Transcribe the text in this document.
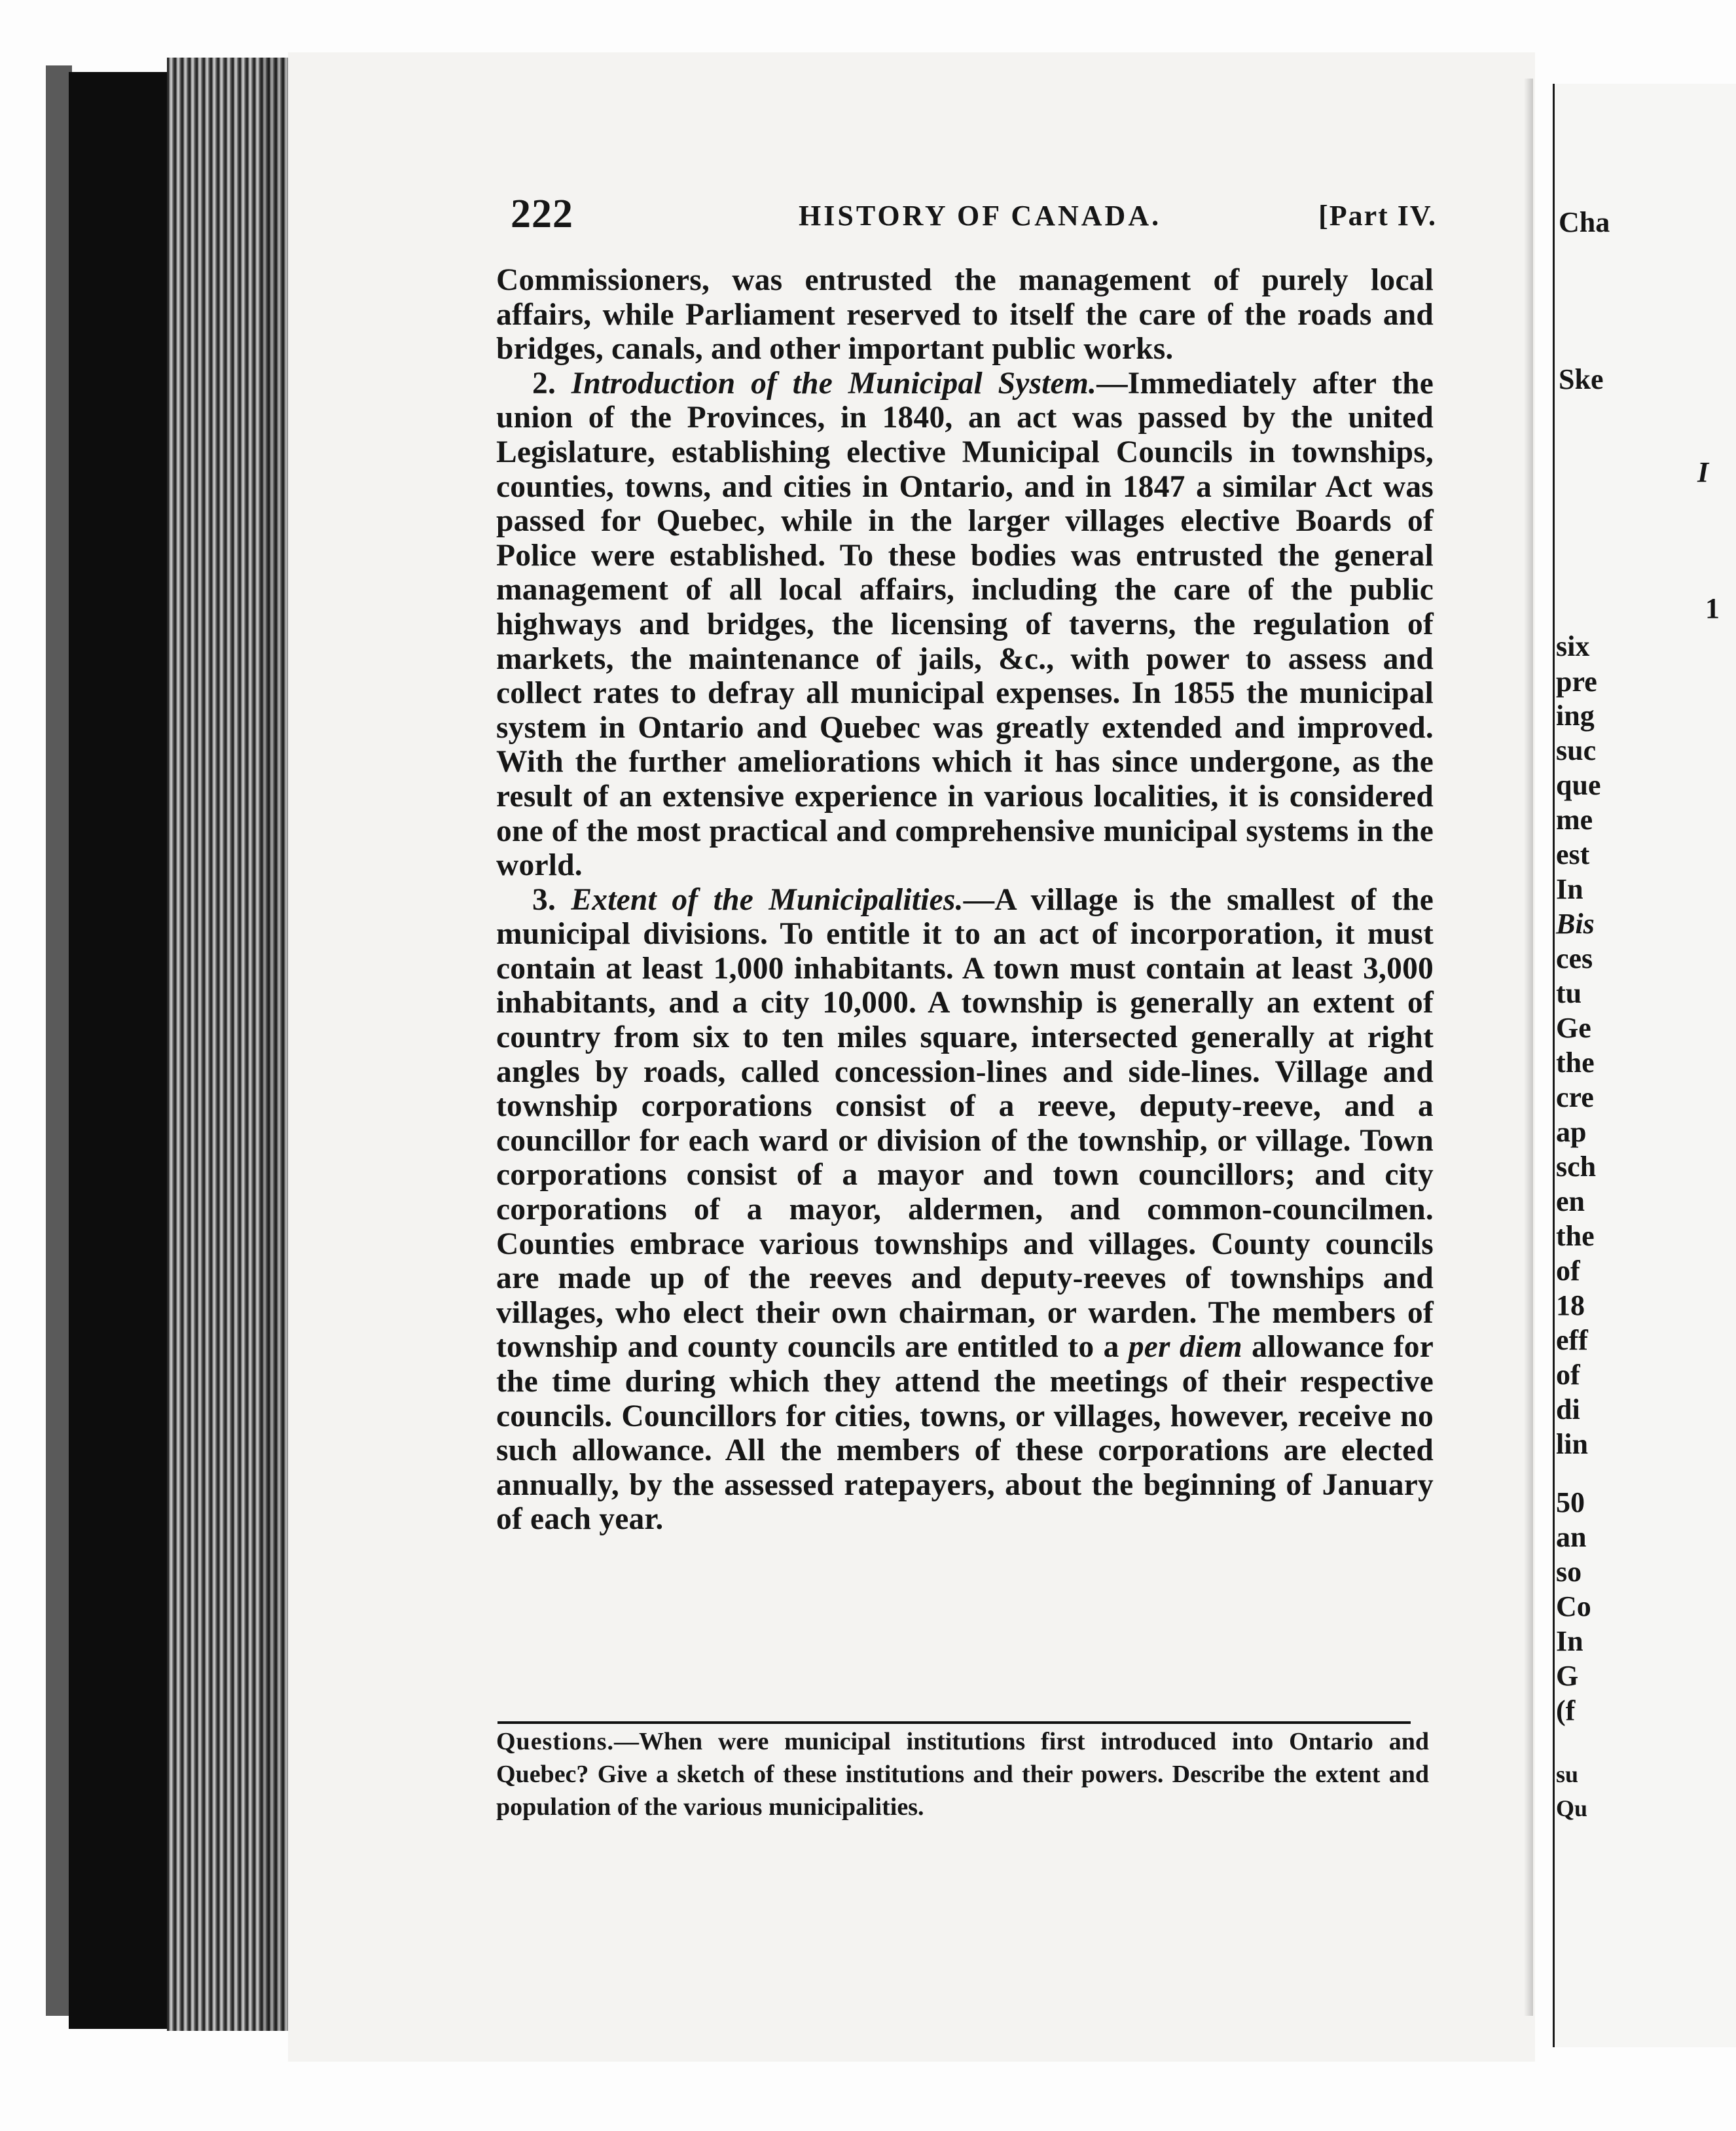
222	HISTORY OF CANADA.	[Part IV.

Commissioners, was entrusted the management of purely local affairs, while Parliament reserved to itself the care of the roads and bridges, canals, and other important public works.

2. Introduction of the Municipal System.—Immediately after the union of the Provinces, in 1840, an act was passed by the united Legislature, establishing elective Municipal Councils in townships, counties, towns, and cities in Ontario, and in 1847 a similar Act was passed for Quebec, while in the larger villages elective Boards of Police were established. To these bodies was entrusted the general management of all local affairs, including the care of the public highways and bridges, the licensing of taverns, the regulation of markets, the maintenance of jails, &c., with power to assess and collect rates to defray all municipal expenses. In 1855 the municipal system in Ontario and Quebec was greatly extended and improved. With the further ameliorations which it has since undergone, as the result of an extensive experience in various localities, it is considered one of the most practical and comprehensive municipal systems in the world.

3. Extent of the Municipalities.—A village is the smallest of the municipal divisions. To entitle it to an act of incorporation, it must contain at least 1,000 inhabitants. A town must contain at least 3,000 inhabitants, and a city 10,000. A township is generally an extent of country from six to ten miles square, intersected generally at right angles by roads, called concession-lines and side-lines. Village and township corporations consist of a reeve, deputy-reeve, and a councillor for each ward or division of the township, or village. Town corporations consist of a mayor and town councillors; and city corporations of a mayor, aldermen, and common-councilmen. Counties embrace various townships and villages. County councils are made up of the reeves and deputy-reeves of townships and villages, who elect their own chairman, or warden. The members of township and county councils are entitled to a per diem allowance for the time during which they attend the meetings of their respective councils. Councillors for cities, towns, or villages, however, receive no such allowance. All the members of these corporations are elected annually, by the assessed ratepayers, about the beginning of January of each year.

Questions.—When were municipal institutions first introduced into Ontario and Quebec? Give a sketch of these institutions and their powers. Describe the extent and population of the various municipalities.
Cha
Ske
I
1
six
pre
ing
suc
que
me
est
In
Bis
ces
tu
Ge
the
cre
ap
sch
en
the
of
18
eff
of
di
lin
50
an
so
Co
In
G
(f
su
Qu
